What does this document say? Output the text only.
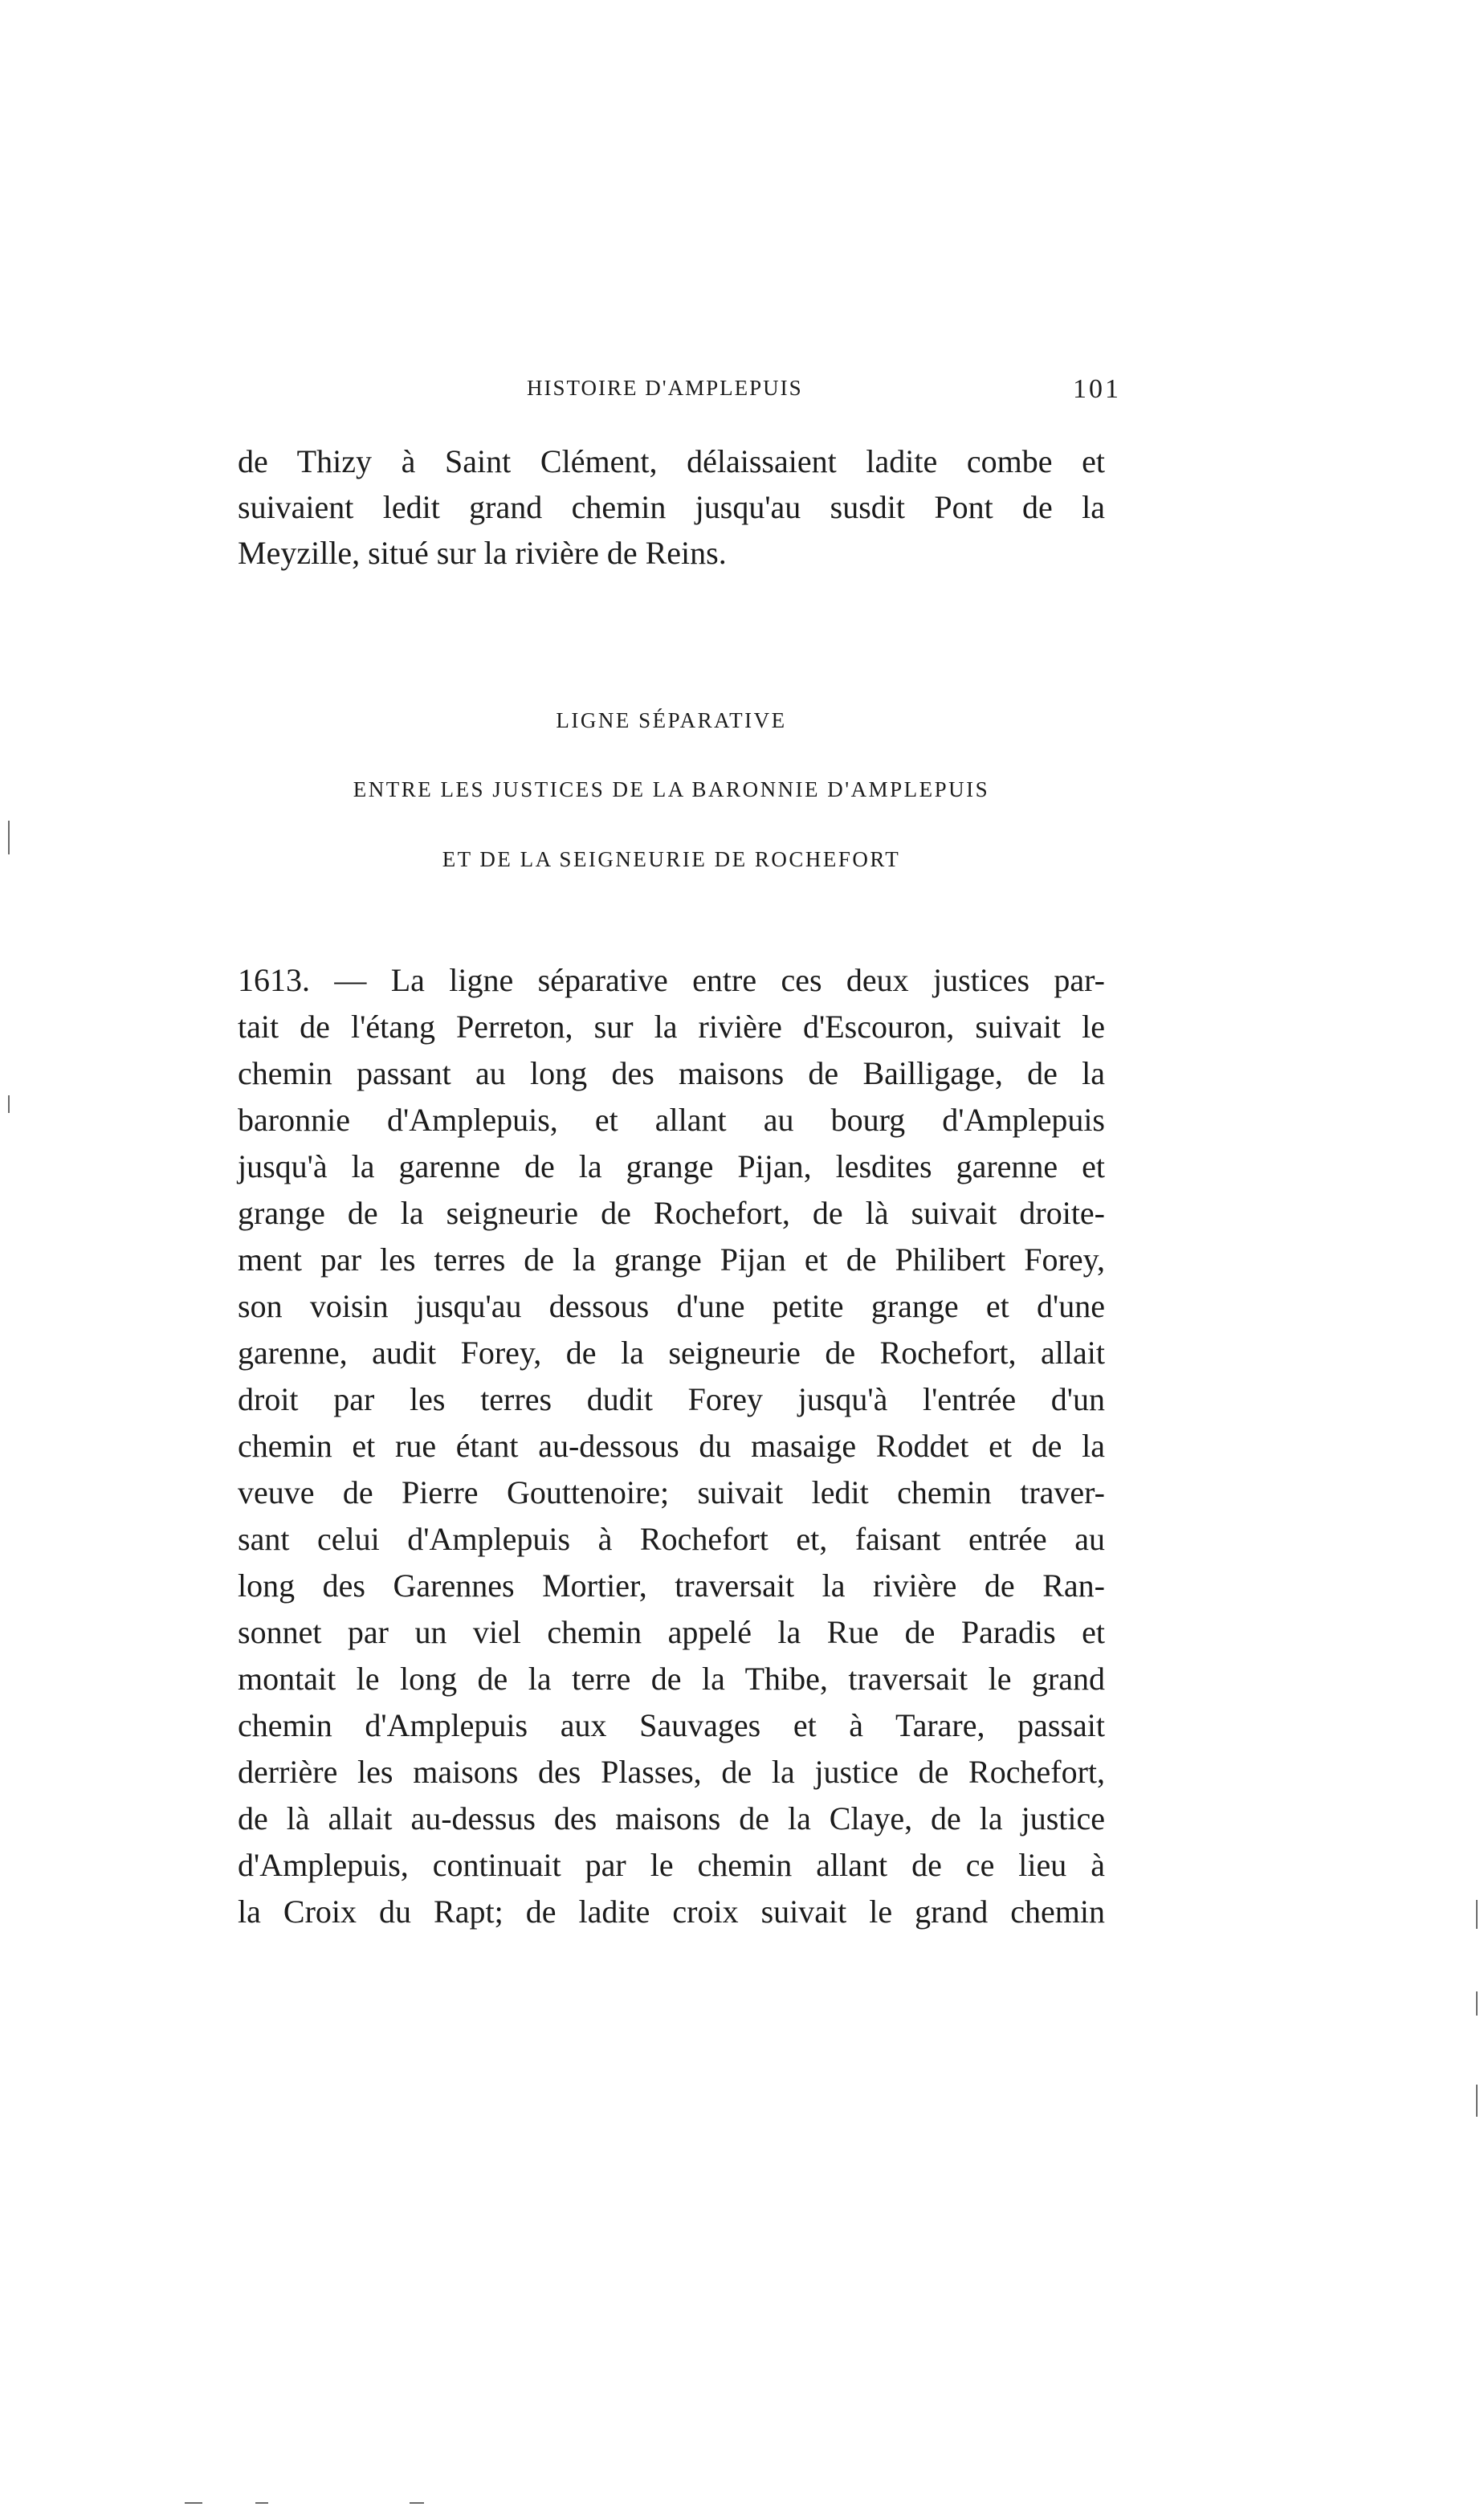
HISTOIRE D'AMPLEPUIS	101
de Thizy à Saint Clément, délaissaient ladite combe et
suivaient ledit grand chemin jusqu'au susdit Pont de la
Meyzille, situé sur la rivière de Reins.
LIGNE SÉPARATIVE
ENTRE LES JUSTICES DE LA BARONNIE D'AMPLEPUIS
ET DE LA SEIGNEURIE DE ROCHEFORT
1613. — La ligne séparative entre ces deux justices par-
tait de l'étang Perreton, sur la rivière d'Escouron, suivait le
chemin passant au long des maisons de Bailligage, de la
baronnie d'Amplepuis, et allant au bourg d'Amplepuis
jusqu'à la garenne de la grange Pijan, lesdites garenne et
grange de la seigneurie de Rochefort, de là suivait droite-
ment par les terres de la grange Pijan et de Philibert Forey,
son voisin jusqu'au dessous d'une petite grange et d'une
garenne, audit Forey, de la seigneurie de Rochefort, allait
droit par les terres dudit Forey jusqu'à l'entrée d'un
chemin et rue étant au-dessous du masaige Roddet et de la
veuve de Pierre Gouttenoire; suivait ledit chemin traver-
sant celui d'Amplepuis à Rochefort et, faisant entrée au
long des Garennes Mortier, traversait la rivière de Ran-
sonnet par un viel chemin appelé la Rue de Paradis et
montait le long de la terre de la Thibe, traversait le grand
chemin d'Amplepuis aux Sauvages et à Tarare, passait
derrière les maisons des Plasses, de la justice de Rochefort,
de là allait au-dessus des maisons de la Claye, de la justice
d'Amplepuis, continuait par le chemin allant de ce lieu à
la Croix du Rapt; de ladite croix suivait le grand chemin
